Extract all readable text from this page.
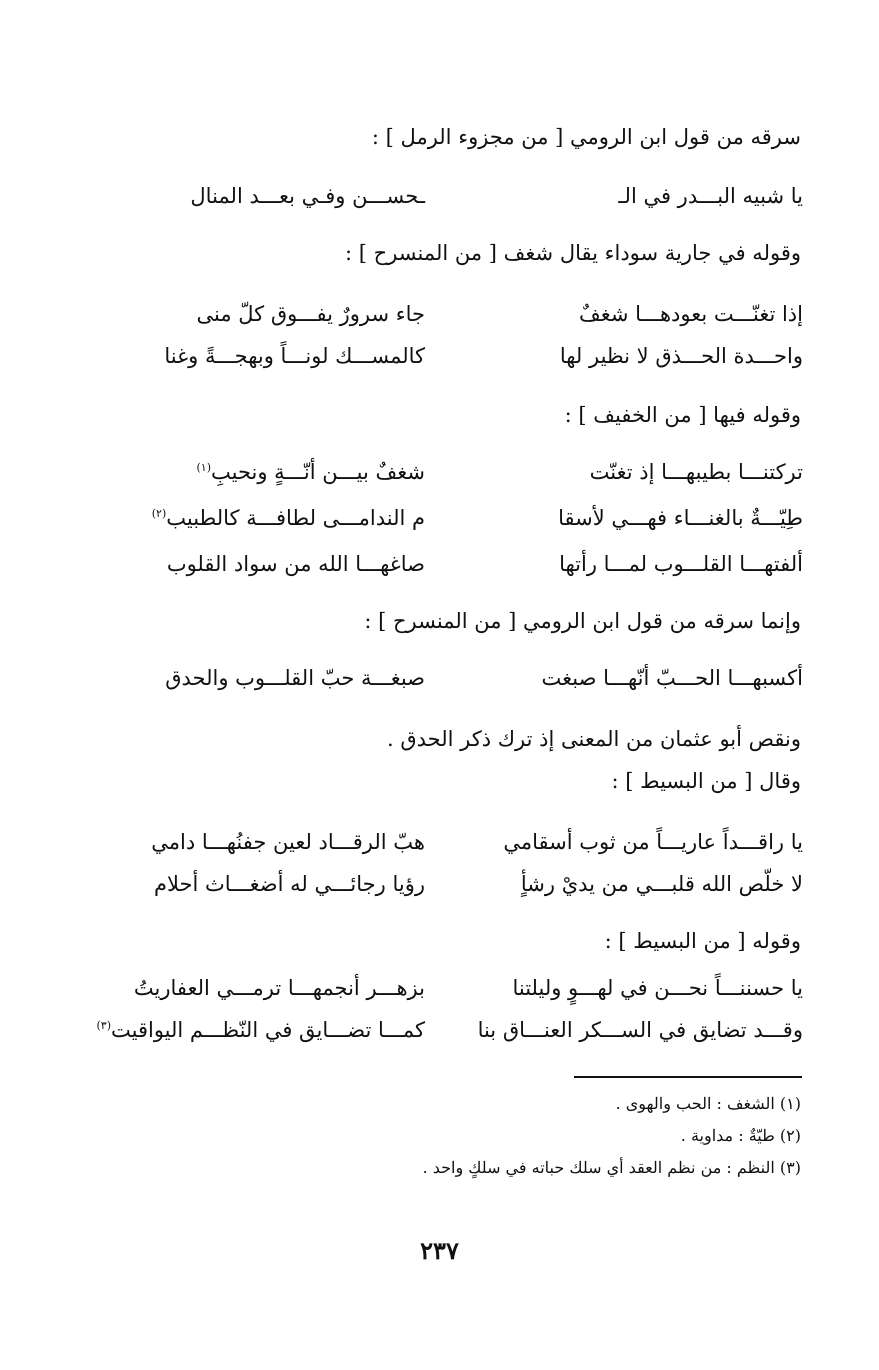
سرقه من قول ابن الرومي [ من مجزوء الرمل ] :
يا شبيه البـــدر في الـ
ـحســـن وفـي بعـــد المنال
وقوله في جارية سوداء يقال شغف [ من المنسرح ] :
إذا تغنّـــت بعودهـــا شغفٌ
جاء سرورٌ يفـــوق كلّ منى
واحـــدة الحـــذق لا نظير لها
كالمســـك لونـــاً وبهجـــةً وغنا
وقوله فيها [ من الخفيف ] :
تركتنـــا بطيبهـــا إذ تغنّت
شغفٌ بيـــن أنّـــةٍ ونحيبِ$^{(١)}$
طِيّـــةٌ بالغنـــاء فهـــي لأسقا
م الندامـــى لطافـــة كالطبيب$^{(٢)}$
ألفتهـــا القلـــوب لمـــا رأتها
صاغهـــا الله من سواد القلوب
وإنما سرقه من قول ابن الرومي [ من المنسرح ] :
أكسبهـــا الحـــبّ أنّهـــا صبغت
صبغـــة حبّ القلـــوب والحدق
ونقص أبو عثمان من المعنى إذ ترك ذكر الحدق .
وقال [ من البسيط ] :
يا راقـــداً عاريـــاً من ثوب أسقامي
هبّ الرقـــاد لعين جفنُهـــا دامي
لا خلّص الله قلبـــي من يديْ رشأٍ
رؤيا رجائـــي له أضغـــاث أحلام
وقوله [ من البسيط ] :
يا حسننـــاً نحـــن في لهـــوٍ وليلتنا
بزهـــر أنجمهـــا ترمـــي العفاريتُ
وقـــد تضايق في الســـكر العنـــاق بنا
كمـــا تضـــايق في النّظـــم اليواقيت$^{(٣)}$
(١) الشغف : الحب والهوى .
(٢) طيّةٌ : مداوية .
(٣) النظم : من نظم العقد أي سلك حباته في سلكٍ واحد .
٢٣٧
